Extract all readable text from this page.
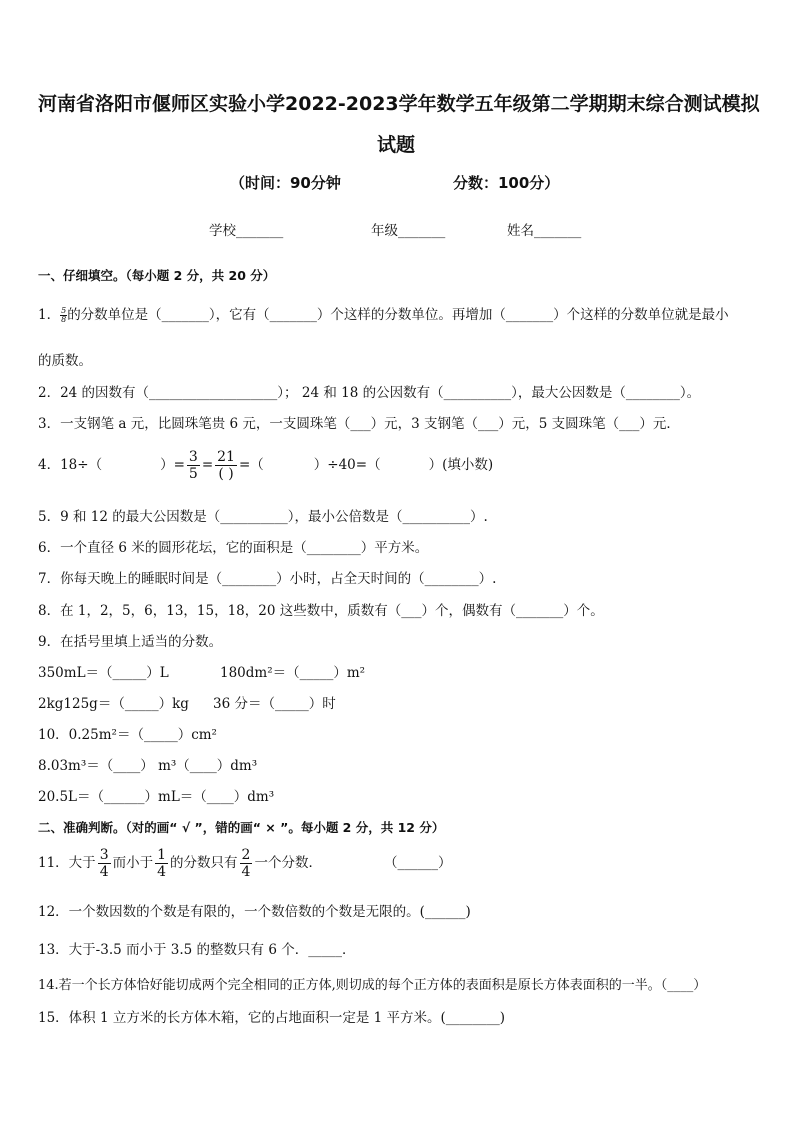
河南省洛阳市偃师区实验小学2022-2023学年数学五年级第二学期期末综合测试模拟
试题
（时间：90分钟	分数：100分）
学校_______	年级_______	姓名_______
一、仔细填空。（每小题 2 分，共 20 分）
1． $\frac{5}{8}$ 的分数单位是（_______），它有（_______）个这样的分数单位。再增加（_______）个这样的分数单位就是最小
的质数。
2．24 的因数有（___________________）； 24 和 18 的公因数有（__________），最大公因数是（________）。
3．一支钢笔 a 元，比圆珠笔贵 6 元，一支圆珠笔（___）元，3 支钢笔（___）元，5 支圆珠笔（___）元．
4．18÷（	）= $\frac{3}{5} = \frac{21}{( )}$ =（	）÷40=（	）(填小数)
5．9 和 12 的最大公因数是（__________），最小公倍数是（__________）.
6．一个直径 6 米的圆形花坛，它的面积是（________）平方米。
7．你每天晚上的睡眠时间是（________）小时，占全天时间的（________）.
8．在 1，2，5，6，13，15，18，20 这些数中，质数有（___）个，偶数有（_______）个。
9．在括号里填上适当的分数。
350mL＝（_____）L	180dm²＝（_____）m²
2kg125g＝（_____）kg 36 分＝（_____）时
10．0.25m²＝（_____）cm²
8.03m³＝（____） m³（____）dm³
20.5L＝（______）mL＝（____）dm³
二、准确判断。（对的画“ √ ”，错的画“ × ”。每小题 2 分，共 12 分）
11．大于 $\frac{3}{4}$ 而小于 $\frac{1}{4}$ 的分数只有 $\frac{2}{4}$ 一个分数．	（______）
12．一个数因数的个数是有限的，一个数倍数的个数是无限的。(______)
13．大于-3.5 而小于 3.5 的整数只有 6 个．_____．
14.若一个长方体恰好能切成两个完全相同的正方体,则切成的每个正方体的表面积是原长方体表面积的一半。（____）
15．体积 1 立方米的长方体木箱，它的占地面积一定是 1 平方米。(________)
